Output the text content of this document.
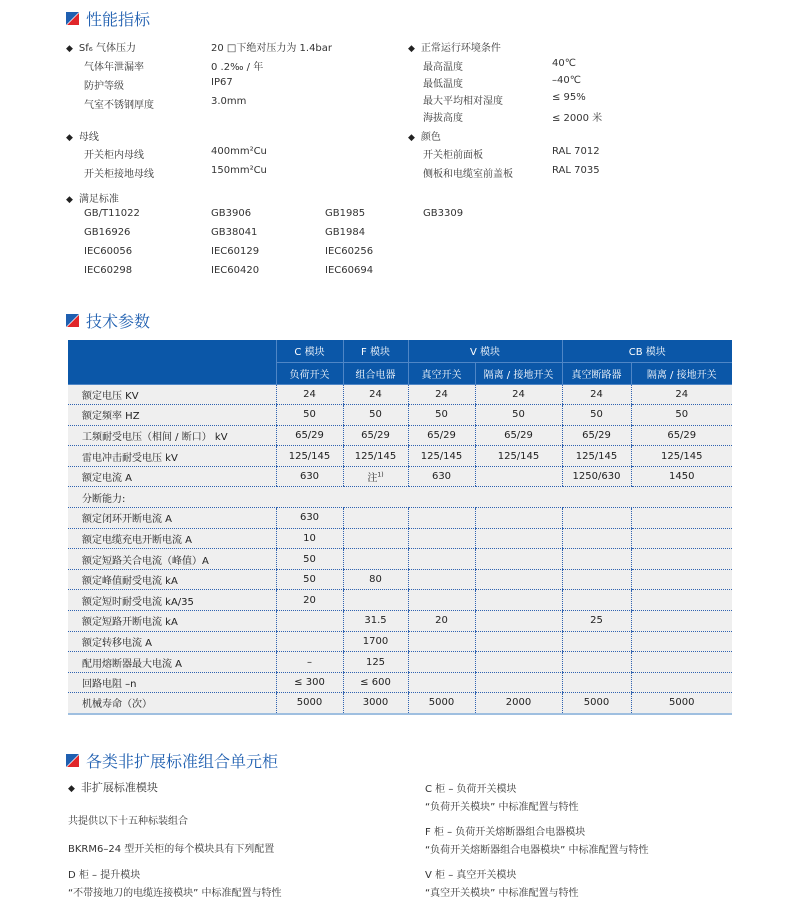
性能指标
◆ Sf₆ 气体压力	20 □下绝对压力为 1.4bar
气体年泄漏率	0 .2‰ / 年
防护等级	IP67
气室不锈钢厚度	3.0mm
◆ 正常运行环境条件
最高温度	40℃
最低温度	–40℃
最大平均相对湿度	≤ 95%
海拔高度	≤ 2000 米
◆ 母线
开关柜内母线	400mm²Cu
开关柜接地母线	150mm²Cu
◆ 颜色
开关柜前面板	RAL 7012
侧板和电缆室前盖板	RAL 7035
◆ 满足标准
GB/T11022	GB3906	GB1985	GB3309
GB16926	GB38041	GB1984
IEC60056	IEC60129	IEC60256
IEC60298	IEC60420	IEC60694
技术参数
	C 模块	F 模块	V 模块		CB 模块	
	负荷开关	组合电器	真空开关	隔离 / 接地开关	真空断路器	隔离 / 接地开关
额定电压 KV	24	24	24	24	24	24
额定频率 HZ	50	50	50	50	50	50
工频耐受电压（相间 / 断口） kV	65/29	65/29	65/29	65/29	65/29	65/29
雷电冲击耐受电压 kV	125/145	125/145	125/145	125/145	125/145	125/145
额定电流 A	630	注$^{1)}$	630		1250/630	1450
分断能力:						
额定闭环开断电流 A	630					
额定电缆充电开断电流 A	10					
额定短路关合电流（峰值）A	50					
额定峰值耐受电流 kA	50	80				
额定短时耐受电流 kA/35	20					
额定短路开断电流 kA		31.5	20		25	
额定转移电流 A		1700				
配用熔断器最大电流 A	–	125				
回路电阻 –n	≤ 300	≤ 600				
机械寿命（次）	5000	3000	5000	2000	5000	5000
各类非扩展标准组合单元柜
◆ 非扩展标准模块
共提供以下十五种标装组合
BKRM6–24 型开关柜的每个模块具有下列配置
D 柜 – 提升模块
“不带接地刀的电缆连接模块” 中标准配置与特性
C 柜 – 负荷开关模块
“负荷开关模块” 中标准配置与特性
F 柜 – 负荷开关熔断器组合电器模块
“负荷开关熔断器组合电器模块” 中标准配置与特性
V 柜 – 真空开关模块
“真空开关模块” 中标准配置与特性
